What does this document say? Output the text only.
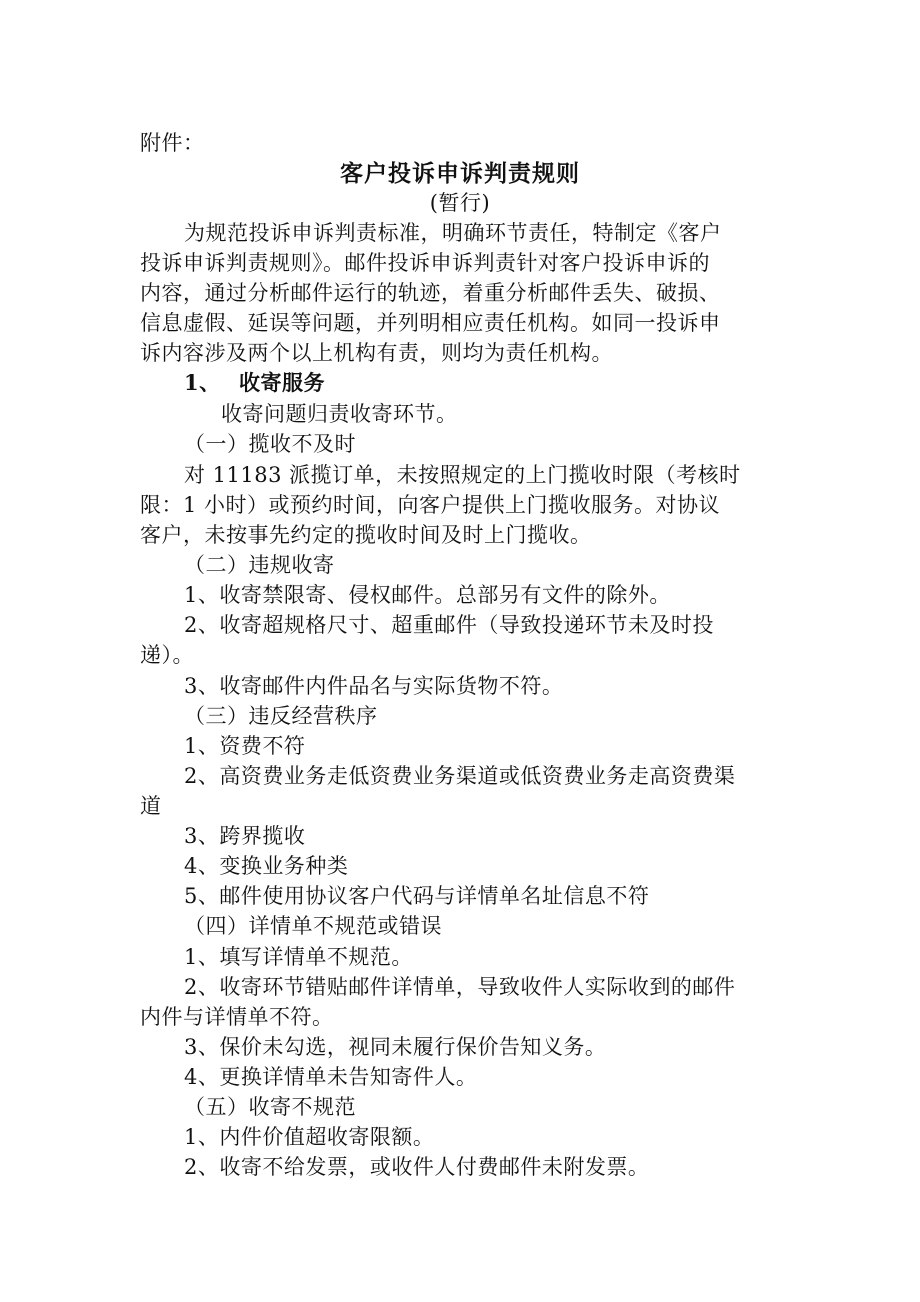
附件：
客户投诉申诉判责规则
(暂行)
为规范投诉申诉判责标准，明确环节责任，特制定《客户
投诉申诉判责规则》。邮件投诉申诉判责针对客户投诉申诉的
内容，通过分析邮件运行的轨迹，着重分析邮件丢失、破损、
信息虚假、延误等问题，并列明相应责任机构。如同一投诉申
诉内容涉及两个以上机构有责，则均为责任机构。
1、 收寄服务
收寄问题归责收寄环节。
（一）揽收不及时
对 11183 派揽订单，未按照规定的上门揽收时限（考核时
限：1 小时）或预约时间，向客户提供上门揽收服务。对协议
客户，未按事先约定的揽收时间及时上门揽收。
（二）违规收寄
1、收寄禁限寄、侵权邮件。总部另有文件的除外。
2、收寄超规格尺寸、超重邮件（导致投递环节未及时投
递）。
3、收寄邮件内件品名与实际货物不符。
（三）违反经营秩序
1、资费不符
2、高资费业务走低资费业务渠道或低资费业务走高资费渠
道
3、跨界揽收
4、变换业务种类
5、邮件使用协议客户代码与详情单名址信息不符
（四）详情单不规范或错误
1、填写详情单不规范。
2、收寄环节错贴邮件详情单，导致收件人实际收到的邮件
内件与详情单不符。
3、保价未勾选，视同未履行保价告知义务。
4、更换详情单未告知寄件人。
（五）收寄不规范
1、内件价值超收寄限额。
2、收寄不给发票，或收件人付费邮件未附发票。
